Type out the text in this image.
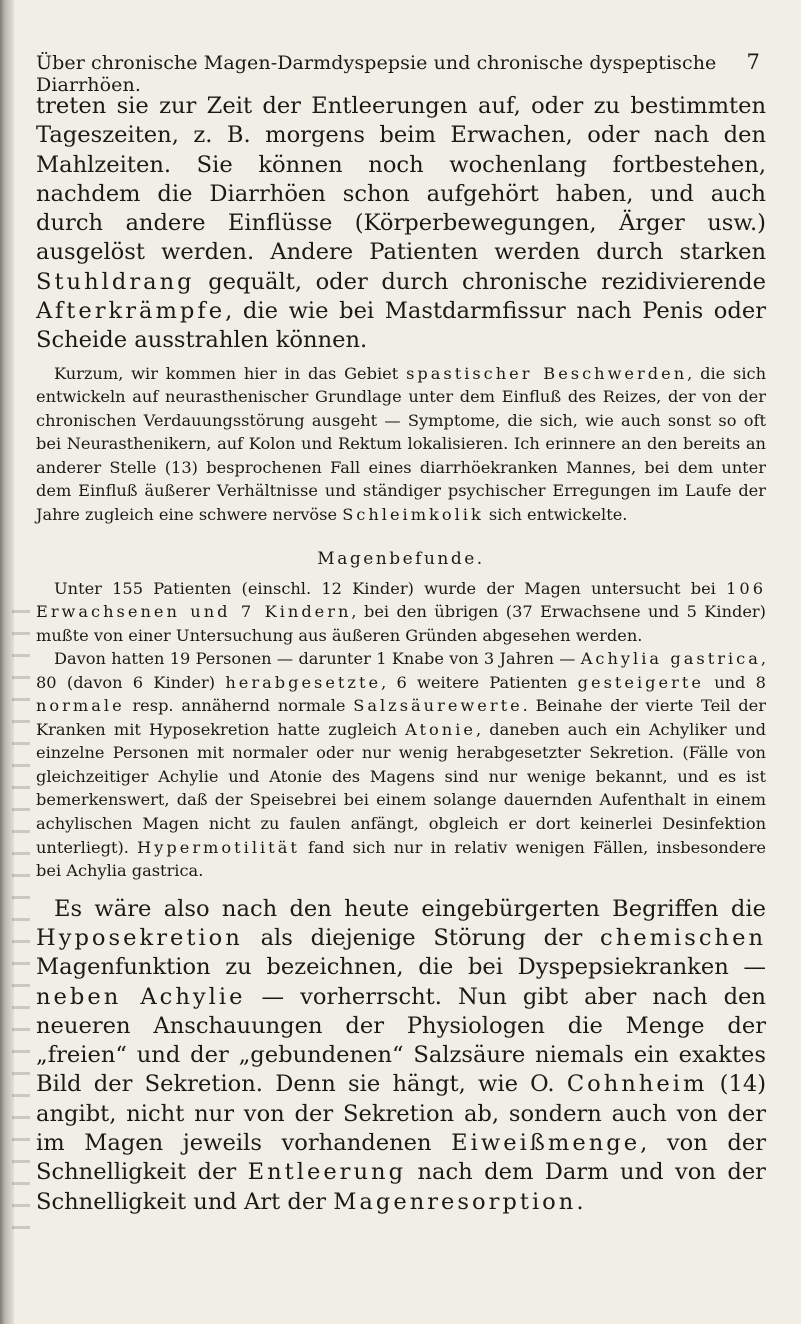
Über chronische Magen-Darmdyspepsie und chronische dyspeptische Diarrhöen.
7

treten sie zur Zeit der Entleerungen auf, oder zu bestimmten Tageszeiten, z. B. morgens beim Erwachen, oder nach den Mahlzeiten. Sie können noch wochenlang fortbestehen, nachdem die Diarrhöen schon aufgehört haben, und auch durch andere Einflüsse (Körperbewegungen, Ärger usw.) ausgelöst werden. Andere Patienten werden durch starken Stuhldrang gequält, oder durch chronische rezidivierende Afterkrämpfe, die wie bei Mastdarmfissur nach Penis oder Scheide ausstrahlen können.

Kurzum, wir kommen hier in das Gebiet spastischer Beschwerden, die sich entwickeln auf neurasthenischer Grundlage unter dem Einfluß des Reizes, der von der chronischen Verdauungsstörung ausgeht — Symptome, die sich, wie auch sonst so oft bei Neurasthenikern, auf Kolon und Rektum lokalisieren. Ich erinnere an den bereits an anderer Stelle (13) besprochenen Fall eines diarrhöekranken Mannes, bei dem unter dem Einfluß äußerer Verhältnisse und ständiger psychischer Erregungen im Laufe der Jahre zugleich eine schwere nervöse Schleimkolik sich entwickelte.

Magenbefunde.

Unter 155 Patienten (einschl. 12 Kinder) wurde der Magen untersucht bei 106 Erwachsenen und 7 Kindern, bei den übrigen (37 Erwachsene und 5 Kinder) mußte von einer Untersuchung aus äußeren Gründen abgesehen werden.

Davon hatten 19 Personen — darunter 1 Knabe von 3 Jahren — Achylia gastrica, 80 (davon 6 Kinder) herabgesetzte, 6 weitere Patienten gesteigerte und 8 normale resp. annähernd normale Salzsäurewerte. Beinahe der vierte Teil der Kranken mit Hyposekretion hatte zugleich Atonie, daneben auch ein Achyliker und einzelne Personen mit normaler oder nur wenig herabgesetzter Sekretion. (Fälle von gleichzeitiger Achylie und Atonie des Magens sind nur wenige bekannt, und es ist bemerkenswert, daß der Speisebrei bei einem solange dauernden Aufenthalt in einem achylischen Magen nicht zu faulen anfängt, obgleich er dort keinerlei Desinfektion unterliegt). Hypermotilität fand sich nur in relativ wenigen Fällen, insbesondere bei Achylia gastrica.

Es wäre also nach den heute eingebürgerten Begriffen die Hyposekretion als diejenige Störung der chemischen Magenfunktion zu bezeichnen, die bei Dyspepsiekranken — neben Achylie — vorherrscht. Nun gibt aber nach den neueren Anschauungen der Physiologen die Menge der „freien“ und der „gebundenen“ Salzsäure niemals ein exaktes Bild der Sekretion. Denn sie hängt, wie O. Cohnheim (14) angibt, nicht nur von der Sekretion ab, sondern auch von der im Magen jeweils vorhandenen Eiweißmenge, von der Schnelligkeit der Entleerung nach dem Darm und von der Schnelligkeit und Art der Magenresorption.
